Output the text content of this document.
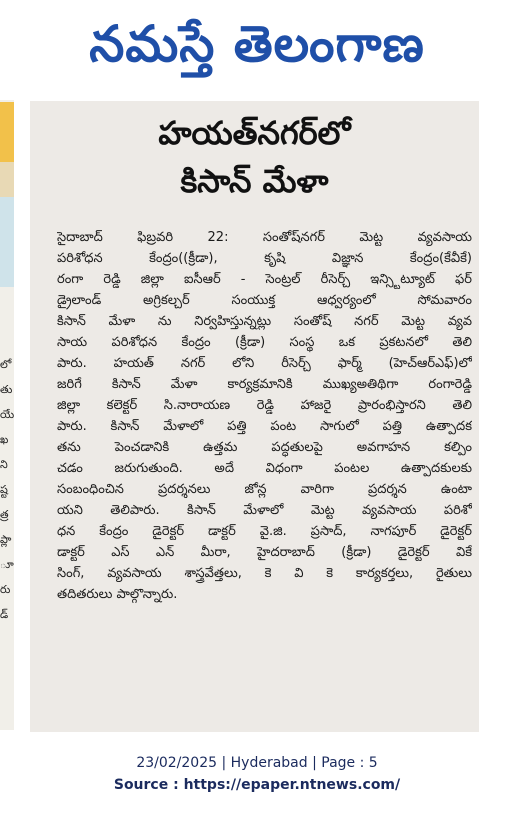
నమస్తే తెలంగాణ
లో
తు
యే
ఖ
ని
ష్ట
త్ర
ప్లా
ూ
రు
డ్
హయత్‌నగర్‌లో
కిసాన్ మేళా
సైదాబాద్ ఫిబ్రవరి 22: సంతోష్‌నగర్ మెట్ట వ్యవసాయ
పరిశోధన కేంద్రం((క్రీడా), కృషి విజ్ఞాన కేంద్రం(కేవీకే)
రంగా రెడ్డి జిల్లా ఐసీఆర్ - సెంట్రల్ రీసెర్చ్ ఇన్స్టిట్యూట్ ఫర్
డ్రైలాండ్ అగ్రికల్చర్ సంయుక్త ఆధ్వర్యంలో సోమవారం
కిసాన్ మేళా ను నిర్వహిస్తున్నట్లు సంతోష్ నగర్ మెట్ట వ్యవ
సాయ పరిశోధన కేంద్రం (క్రీడా) సంస్థ ఒక ప్రకటనలో తెలి
పారు. హయత్ నగర్ లోని రీసెర్చ్ ఫార్మ్ (హెచ్ఆర్ఎఫ్)లో
జరిగే కిసాన్ మేళా కార్యక్రమానికి ముఖ్యఅతిథిగా రంగారెడ్డి
జిల్లా కలెక్టర్ సి.నారాయణ రెడ్డి హాజరై ప్రారంభిస్తారని తెలి
పారు. కిసాన్ మేళాలో పత్తి పంట సాగులో పత్తి ఉత్పాదక
తను పెంచడానికి ఉత్తమ పద్ధతులపై అవగాహన కల్పిం
చడం జరుగుతుంది. అదే విధంగా పంటల ఉత్పాదకులకు
సంబంధించిన ప్రదర్శనలు జోన్ల వారిగా ప్రదర్శన ఉంటా
యని తెలిపారు. కిసాన్ మేళాలో మెట్ట వ్యవసాయ పరిశో
ధన కేంద్రం డైరెక్టర్ డాక్టర్ వై.జి. ప్రసాద్, నాగపూర్ డైరెక్టర్
డాక్టర్ ఎస్ ఎన్ మీరా, హైదరాబాద్ (క్రీడా) డైరెక్టర్ వికే
సింగ్, వ్యవసాయ శాస్త్రవేత్తలు, కె వి కె కార్యకర్తలు, రైతులు
తదితరులు పాల్గొన్నారు.
23/02/2025 | Hyderabad | Page : 5
Source : https://epaper.ntnews.com/
